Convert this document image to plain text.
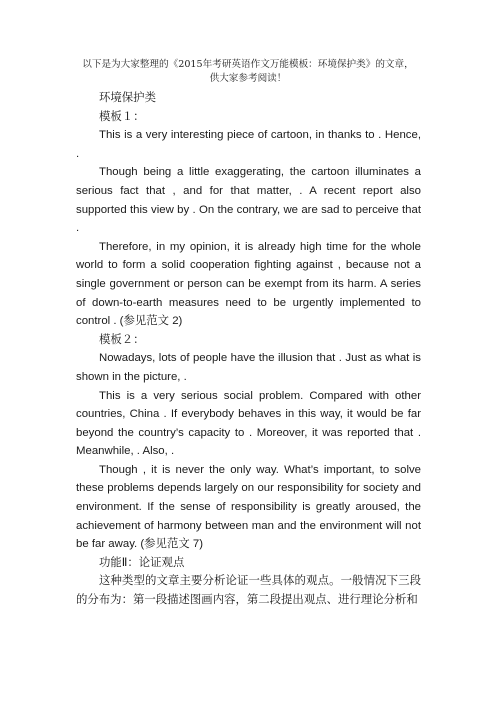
以下是为大家整理的《2015年考研英语作文万能模板：环境保护类》的文章，
供大家参考阅读！

环境保护类

模板１：

This is a very interesting piece of cartoon, in thanks to . Hence, .

Though being a little exaggerating, the cartoon illuminates a serious fact that , and for that matter, . A recent report also supported this view by . On the contrary, we are sad to perceive that .

Therefore, in my opinion, it is already high time for the whole world to form a solid cooperation fighting against , because not a single government or person can be exempt from its harm. A series of down-to-earth measures need to be urgently implemented to control . (参见范文 2)

模板２：

Nowadays, lots of people have the illusion that . Just as what is shown in the picture, .

This is a very serious social problem. Compared with other countries, China . If everybody behaves in this way, it would be far beyond the country’s capacity to . Moreover, it was reported that . Meanwhile, . Also, .

Though , it is never the only way. What’s important, to solve these problems depends largely on our responsibility for society and environment. If the sense of responsibility is greatly aroused, the achievement of harmony between man and the environment will not be far away. (参见范文 7)

功能Ⅱ：论证观点

这种类型的文章主要分析论证一些具体的观点。一般情况下三段的分布为：第一段描述图画内容，第二段提出观点、进行理论分析和
